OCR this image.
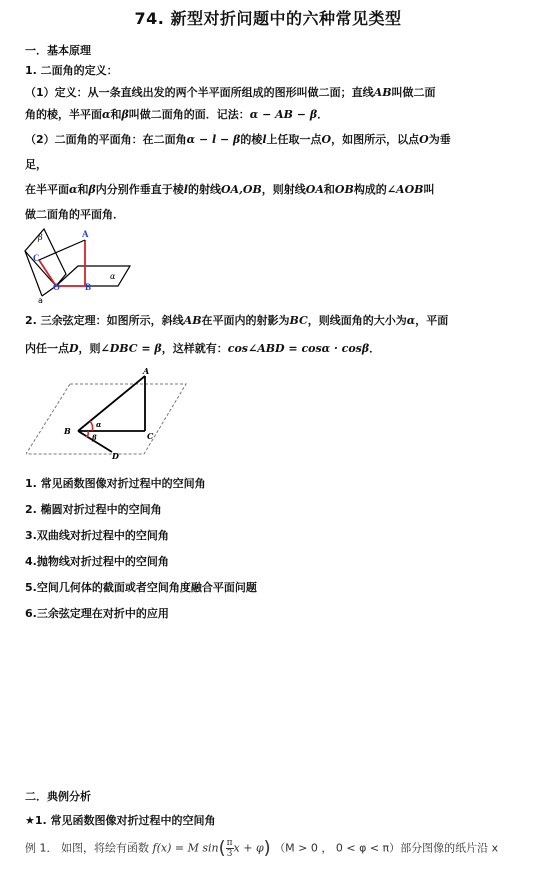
74. 新型对折问题中的六种常见类型
一．基本原理
1. 二面角的定义：
（1）定义：从一条直线出发的两个半平面所组成的图形叫做二面；直线AB叫做二面
角的棱，半平面α和β叫做二面角的面．记法：α − AB − β．
（2）二面角的平面角：在二面角α − l − β的棱l上任取一点O，如图所示，以点O为垂
足，
在半平面α和β内分别作垂直于棱l的射线OA,OB，则射线OA和OB构成的∠AOB叫
做二面角的平面角．
A
C
O	B
β
α
a
2. 三余弦定理：如图所示，斜线AB在平面内的射影为BC，则线面角的大小为α，平面
内任一点D，则∠DBC = β，这样就有：cos∠ABD = cosα · cosβ．
A
B	C
D
α
β
1. 常见函数图像对折过程中的空间角
2. 椭圆对折过程中的空间角
3.双曲线对折过程中的空间角
4.抛物线对折过程中的空间角
5.空间几何体的截面或者空间角度融合平面问题
6.三余弦定理在对折中的应用
二．典例分析
★1. 常见函数图像对折过程中的空间角
例 1． 如图，将绘有函数 f(x) = M $\sin( \frac{\pi}{3}$ x + φ) （M > 0 ， 0 < φ < π）部分图像的纸片沿 x
